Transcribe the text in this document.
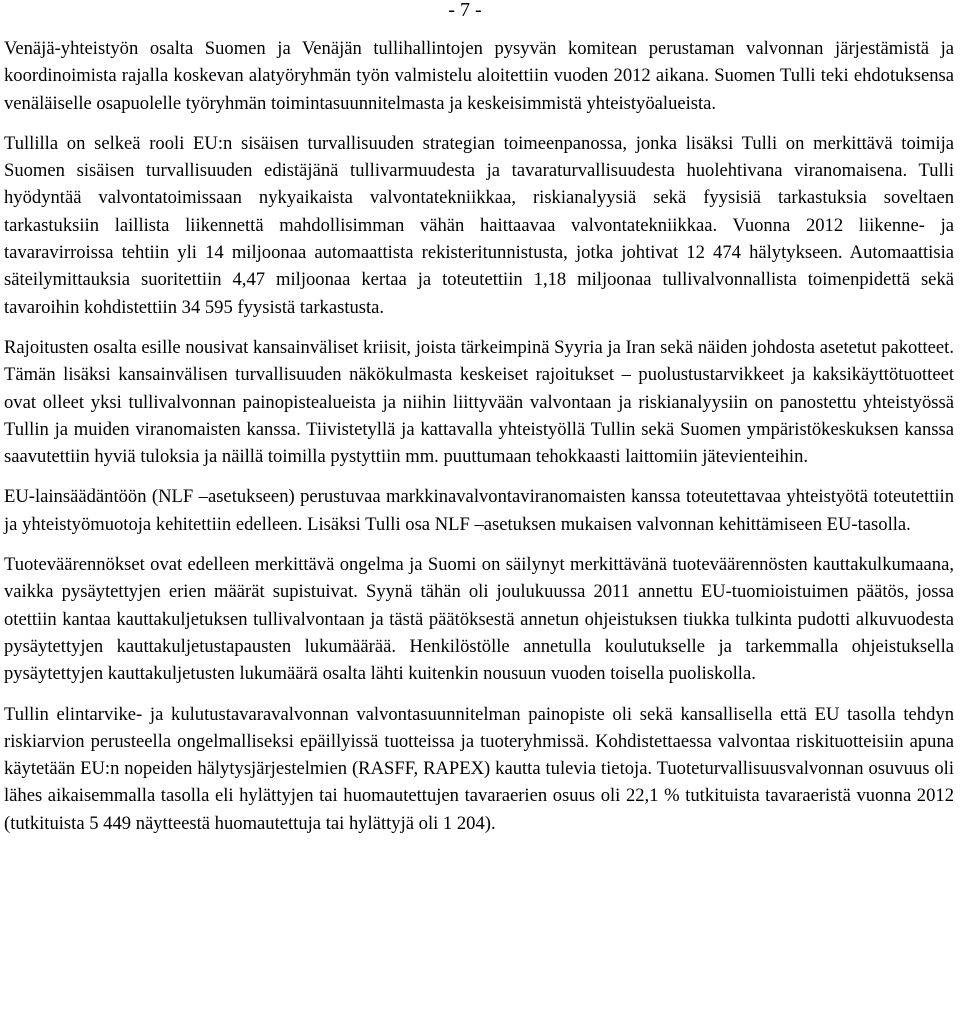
- 7 -

Venäjä-yhteistyön osalta Suomen ja Venäjän tullihallintojen pysyvän komitean perustaman valvonnan järjestämistä ja koordinoimista rajalla koskevan alatyöryhmän työn valmistelu aloitettiin vuoden 2012 aikana. Suomen Tulli teki ehdotuksensa venäläiselle osapuolelle työryhmän toimintasuunnitelmasta ja keskeisimmistä yhteistyöalueista.

Tullilla on selkeä rooli EU:n sisäisen turvallisuuden strategian toimeenpanossa, jonka lisäksi Tulli on merkittävä toimija Suomen sisäisen turvallisuuden edistäjänä tullivarmuudesta ja tavaraturvallisuudesta huolehtivana viranomaisena. Tulli hyödyntää valvontatoimissaan nykyaikaista valvontatekniikkaa, riskianalyysiä sekä fyysisiä tarkastuksia soveltaen tarkastuksiin laillista liikennettä mahdollisimman vähän haittaavaa valvontatekniikkaa. Vuonna 2012 liikenne- ja tavaravirroissa tehtiin yli 14 miljoonaa automaattista rekisteritunnistusta, jotka johtivat 12 474 hälytykseen. Automaattisia säteilymittauksia suoritettiin 4,47 miljoonaa kertaa ja toteutettiin 1,18 miljoonaa tullivalvonnallista toimenpidettä sekä tavaroihin kohdistettiin 34 595 fyysistä tarkastusta.

Rajoitusten osalta esille nousivat kansainväliset kriisit, joista tärkeimpinä Syyria ja Iran sekä näiden johdosta asetetut pakotteet. Tämän lisäksi kansainvälisen turvallisuuden näkökulmasta keskeiset rajoitukset – puolustustarvikkeet ja kaksikäyttötuotteet ovat olleet yksi tullivalvonnan painopistealueista ja niihin liittyvään valvontaan ja riskianalyysiin on panostettu yhteistyössä Tullin ja muiden viranomaisten kanssa. Tiivistetyllä ja kattavalla yhteistyöllä Tullin sekä Suomen ympäristökeskuksen kanssa saavutettiin hyviä tuloksia ja näillä toimilla pystyttiin mm. puuttumaan tehokkaasti laittomiin jätevienteihin.

EU-lainsäädäntöön (NLF –asetukseen) perustuvaa markkinavalvontaviranomaisten kanssa toteutettavaa yhteistyötä toteutettiin ja yhteistyömuotoja kehitettiin edelleen. Lisäksi Tulli osa NLF –asetuksen mukaisen valvonnan kehittämiseen EU-tasolla.

Tuoteväärennökset ovat edelleen merkittävä ongelma ja Suomi on säilynyt merkittävänä tuoteväärennösten kauttakulkumaana, vaikka pysäytettyjen erien määrät supistuivat. Syynä tähän oli joulukuussa 2011 annettu EU-tuomioistuimen päätös, jossa otettiin kantaa kauttakuljetuksen tullivalvontaan ja tästä päätöksestä annetun ohjeistuksen tiukka tulkinta pudotti alkuvuodesta pysäytettyjen kauttakuljetustapausten lukumäärää. Henkilöstölle annetulla koulutukselle ja tarkemmalla ohjeistuksella pysäytettyjen kauttakuljetusten lukumäärä osalta lähti kuitenkin nousuun vuoden toisella puoliskolla.

Tullin elintarvike- ja kulutustavaravalvonnan valvontasuunnitelman painopiste oli sekä kansallisella että EU tasolla tehdyn riskiarvion perusteella ongelmalliseksi epäillyissä tuotteissa ja tuoteryhmissä. Kohdistettaessa valvontaa riskituotteisiin apuna käytetään EU:n nopeiden hälytysjärjestelmien (RASFF, RAPEX) kautta tulevia tietoja. Tuoteturvallisuusvalvonnan osuvuus oli lähes aikaisemmalla tasolla eli hylättyjen tai huomautettujen tavaraerien osuus oli 22,1 % tutkituista tavaraeristä vuonna 2012 (tutkituista 5 449 näytteestä huomautettuja tai hylättyjä oli 1 204).
